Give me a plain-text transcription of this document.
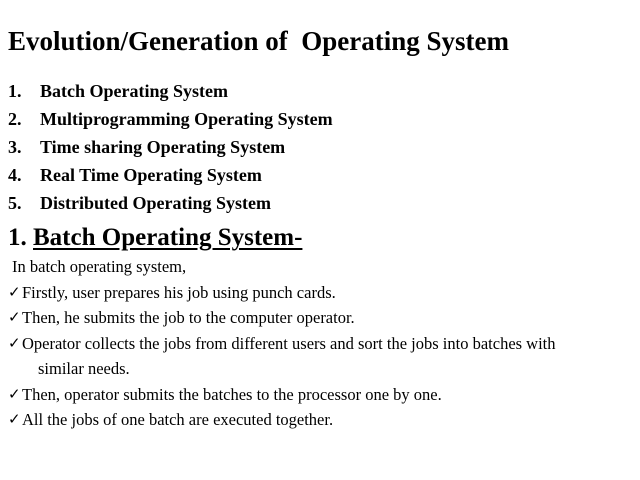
Evolution/Generation of  Operating System
1. Batch Operating System
2. Multiprogramming Operating System
3. Time sharing Operating System
4. Real Time Operating System
5. Distributed Operating System
1. Batch Operating System-
In batch operating system,
✓ Firstly, user prepares his job using punch cards.
✓ Then, he submits the job to the computer operator.
✓ Operator collects the jobs from different users and sort the jobs into batches with
similar needs.
✓ Then, operator submits the batches to the processor one by one.
✓ All the jobs of one batch are executed together.
